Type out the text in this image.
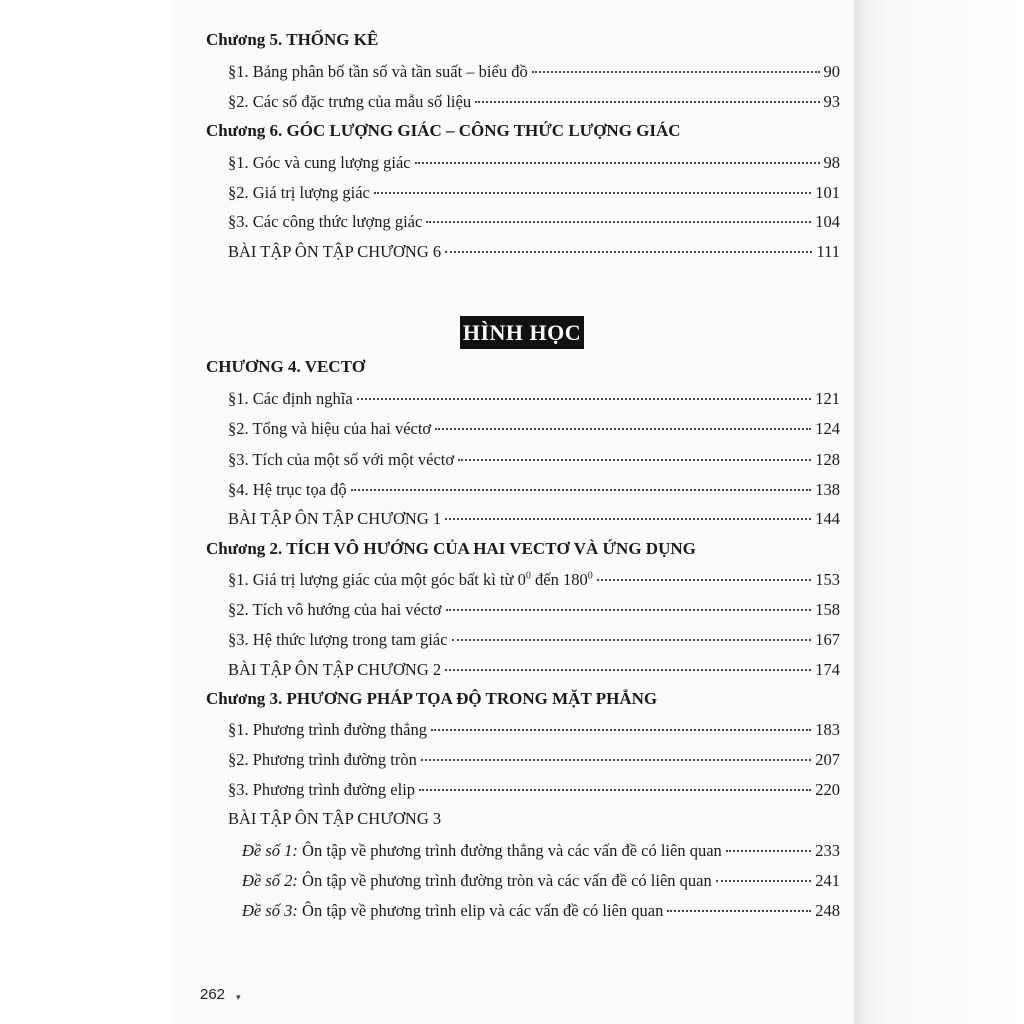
Chương 5. THỐNG KÊ
§1. Bảng phân bố tần số và tần suất – biểu đồ	90
§2. Các số đặc trưng của mẫu số liệu	93
Chương 6. GÓC LƯỢNG GIÁC – CÔNG THỨC LƯỢNG GIÁC
§1. Góc và cung lượng giác	98
§2. Giá trị lượng giác	101
§3. Các công thức lượng giác	104
BÀI TẬP ÔN TẬP CHƯƠNG 6	111
HÌNH HỌC
CHƯƠNG 4. VECTƠ
§1. Các định nghĩa	121
§2. Tổng và hiệu của hai véctơ	124
§3. Tích của một số với một véctơ	128
§4. Hệ trục tọa độ	138
BÀI TẬP ÔN TẬP CHƯƠNG 1	144
Chương 2. TÍCH VÔ HƯỚNG CỦA HAI VECTƠ VÀ ỨNG DỤNG
§1. Giá trị lượng giác của một góc bất kì từ $0^0$ đến $180^0$	153
§2. Tích vô hướng của hai véctơ	158
§3. Hệ thức lượng trong tam giác	167
BÀI TẬP ÔN TẬP CHƯƠNG 2	174
Chương 3. PHƯƠNG PHÁP TỌA ĐỘ TRONG MẶT PHẲNG
§1. Phương trình đường thẳng	183
§2. Phương trình đường tròn	207
§3. Phương trình đường elip	220
BÀI TẬP ÔN TẬP CHƯƠNG 3
Đề số 1: Ôn tập về phương trình đường thẳng và các vấn đề có liên quan	233
Đề số 2: Ôn tập về phương trình đường tròn và các vấn đề có liên quan	241
Đề số 3: Ôn tập về phương trình elip và các vấn đề có liên quan	248
262 ▾
